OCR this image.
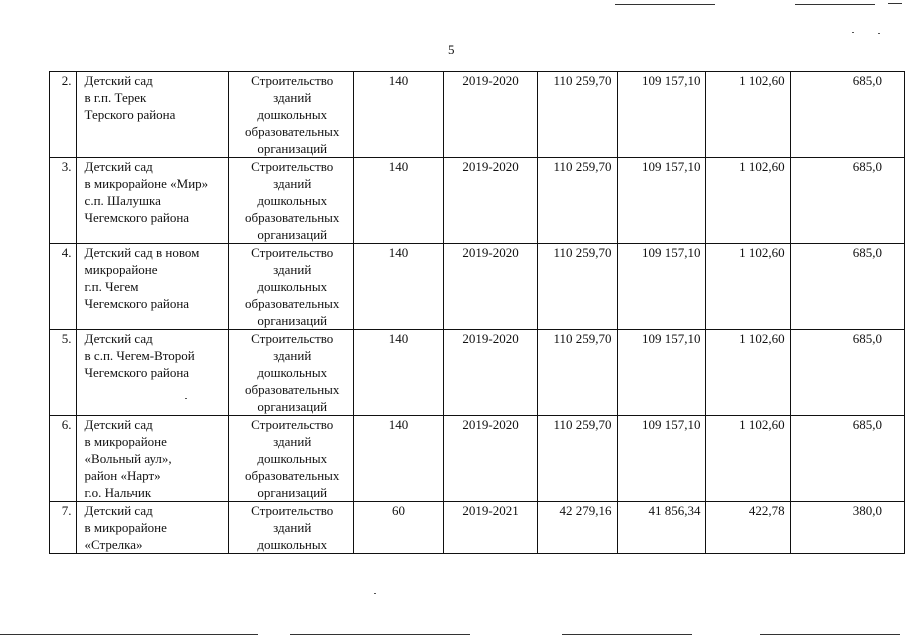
5
2.	Детский сад
в г.п. Терек
Терского района	Строительство
зданий
дошкольных
образовательных
организаций	140	2019-2020	110 259,70	109 157,10	1 102,60	685,0
3.	Детский сад
в микрорайоне «Мир»
с.п. Шалушка
Чегемского района	Строительство
зданий
дошкольных
образовательных
организаций	140	2019-2020	110 259,70	109 157,10	1 102,60	685,0
4.	Детский сад в новом
микрорайоне
г.п. Чегем
Чегемского района	Строительство
зданий
дошкольных
образовательных
организаций	140	2019-2020	110 259,70	109 157,10	1 102,60	685,0
5.	Детский сад
в с.п. Чегем-Второй
Чегемского района	Строительство
зданий
дошкольных
образовательных
организаций	140	2019-2020	110 259,70	109 157,10	1 102,60	685,0
6.	Детский сад
в микрорайоне
«Вольный аул»,
район «Нарт»
г.о. Нальчик	Строительство
зданий
дошкольных
образовательных
организаций	140	2019-2020	110 259,70	109 157,10	1 102,60	685,0
7.	Детский сад
в микрорайоне
«Стрелка»	Строительство
зданий
дошкольных	60	2019-2021	42 279,16	41 856,34	422,78	380,0
